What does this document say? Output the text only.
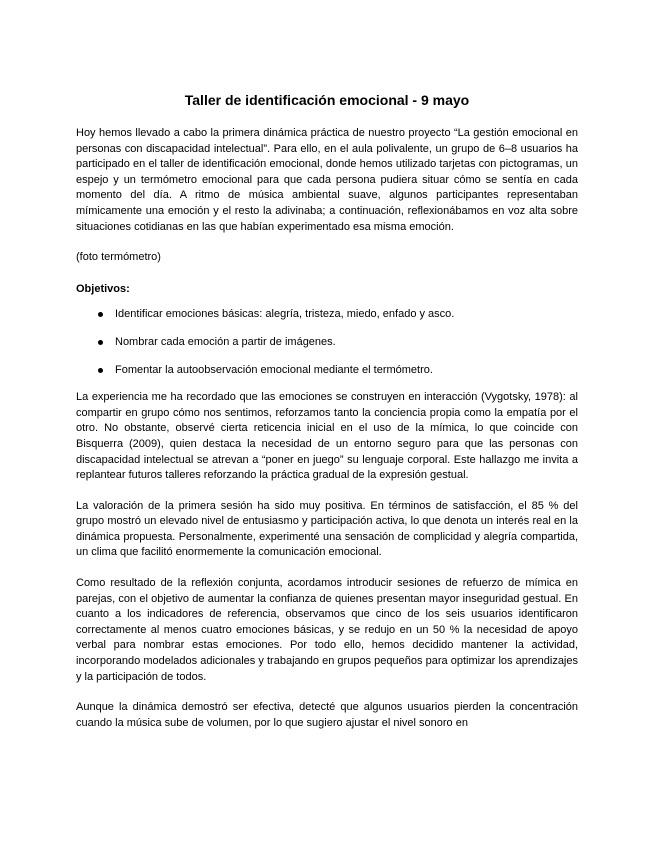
Taller de identificación emocional - 9 mayo

Hoy hemos llevado a cabo la primera dinámica práctica de nuestro proyecto “La gestión emocional en personas con discapacidad intelectual”. Para ello, en el aula polivalente, un grupo de 6–8 usuarios ha participado en el taller de identificación emocional, donde hemos utilizado tarjetas con pictogramas, un espejo y un termómetro emocional para que cada persona pudiera situar cómo se sentía en cada momento del día. A ritmo de música ambiental suave, algunos participantes representaban mímicamente una emoción y el resto la adivinaba; a continuación, reflexionábamos en voz alta sobre situaciones cotidianas en las que habían experimentado esa misma emoción.

(foto termómetro)

Objetivos:
Identificar emociones básicas: alegría, tristeza, miedo, enfado y asco.
Nombrar cada emoción a partir de imágenes.
Fomentar la autoobservación emocional mediante el termómetro.

La experiencia me ha recordado que las emociones se construyen en interacción (Vygotsky, 1978): al compartir en grupo cómo nos sentimos, reforzamos tanto la conciencia propia como la empatía por el otro. No obstante, observé cierta reticencia inicial en el uso de la mímica, lo que coincide con Bisquerra (2009), quien destaca la necesidad de un entorno seguro para que las personas con discapacidad intelectual se atrevan a “poner en juego” su lenguaje corporal. Este hallazgo me invita a replantear futuros talleres reforzando la práctica gradual de la expresión gestual.

La valoración de la primera sesión ha sido muy positiva. En términos de satisfacción, el 85 % del grupo mostró un elevado nivel de entusiasmo y participación activa, lo que denota un interés real en la dinámica propuesta. Personalmente, experimenté una sensación de complicidad y alegría compartida, un clima que facilitó enormemente la comunicación emocional.

Como resultado de la reflexión conjunta, acordamos introducir sesiones de refuerzo de mímica en parejas, con el objetivo de aumentar la confianza de quienes presentan mayor inseguridad gestual. En cuanto a los indicadores de referencia, observamos que cinco de los seis usuarios identificaron correctamente al menos cuatro emociones básicas, y se redujo en un 50 % la necesidad de apoyo verbal para nombrar estas emociones. Por todo ello, hemos decidido mantener la actividad, incorporando modelados adicionales y trabajando en grupos pequeños para optimizar los aprendizajes y la participación de todos.

Aunque la dinámica demostró ser efectiva, detecté que algunos usuarios pierden la concentración cuando la música sube de volumen, por lo que sugiero ajustar el nivel sonoro en
